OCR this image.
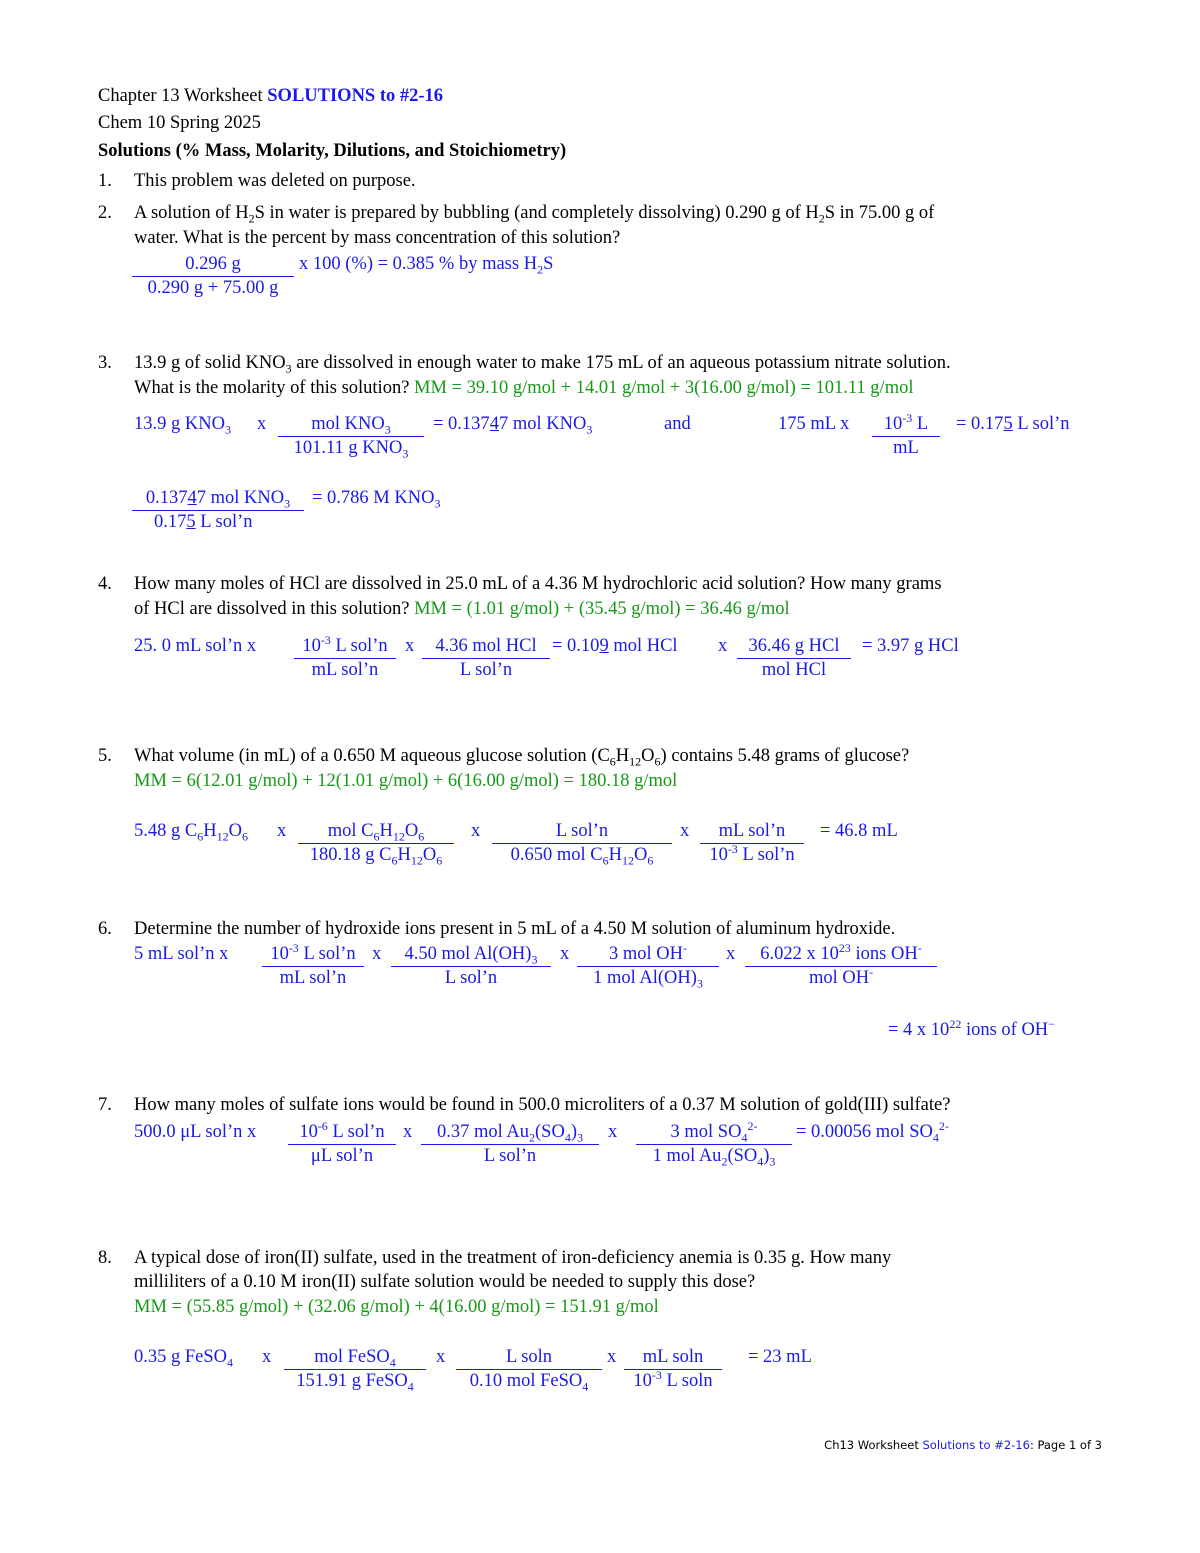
Chapter 13 Worksheet SOLUTIONS to #2-16
Chem 10 Spring 2025
Solutions (% Mass, Molarity, Dilutions, and Stoichiometry)
1. This problem was deleted on purpose.
2. A solution of $H_2S$ in water is prepared by bubbling (and completely dissolving) 0.290 g of $H_2S$ in 75.00 g of
water. What is the percent by mass concentration of this solution?
$\frac{0.296 g}{0.290 g + 75.00 g}$ x 100 (%) = 0.385 % by mass $H_2S$
3. 13.9 g of solid $KNO_3$ are dissolved in enough water to make 175 mL of an aqueous potassium nitrate solution.
What is the molarity of this solution? MM = 39.10 g/mol + 14.01 g/mol + 3(16.00 g/mol) = 101.11 g/mol
13.9 g $KNO_3$ x	mol $KNO_3$
101.11 g $KNO_3$
= 0.13747 mol $KNO_3$	and	175 mL x $\frac{10^{-3} L}{mL} = 0.175$ L sol’n
0.13747 mol $KNO_3$
0.175 L sol’n
= 0.786 M $KNO_3$
4. How many moles of HCl are dissolved in 25.0 mL of a 4.36 M hydrochloric acid solution? How many grams
of HCl are dissolved in this solution? MM = (1.01 g/mol) + (35.45 g/mol) = 36.46 g/mol
25. 0 mL sol’n x	$10^{-3}$ L sol’n
mL sol’n
x	4.36 mol HCl
L sol’n
= 0.109 mol HCl x	36.46 g HCl
mol HCl
= 3.97 g HCl
5. What volume (in mL) of a 0.650 M aqueous glucose solution $(C_6H_{12}O_6)$ contains 5.48 grams of glucose?
MM = 6(12.01 g/mol) + 12(1.01 g/mol) + 6(16.00 g/mol) = 180.18 g/mol
5.48 g $C_6H_{12}O_6$ x	mol $C_6H_{12}O_6$
180.18 g $C_6H_{12}O_6$
x	L sol’n
0.650 mol $C_6H_{12}O_6$
x	mL sol’n
$10^{-3}$ L sol’n
= 46.8 mL
6. Determine the number of hydroxide ions present in 5 mL of a 4.50 M solution of aluminum hydroxide.
5 mL sol’n x	$10^{-3}$ L sol’n
mL sol’n
x	4.50 mol $Al(OH)_3$
L sol’n
x	3 mol OH-
1 mol $Al(OH)_3$
x	6.022 x $10^{23}$ ions OH-
mol OH-
= 4 x $10^{22}$ ions of OH−
7. How many moles of sulfate ions would be found in 500.0 microliters of a 0.37 M solution of gold(III) sulfate?
500.0 μL sol’n x	$10^{-6}$ L sol’n
μL sol’n
x	0.37 mol $Au_2(SO_4)_3$
L sol’n
x	3 mol $SO_4^{2-}$
1 mol $Au_2(SO_4)_3$
= 0.00056 mol $SO_4^{2-}$
8. A typical dose of iron(II) sulfate, used in the treatment of iron-deficiency anemia is 0.35 g. How many
milliliters of a 0.10 M iron(II) sulfate solution would be needed to supply this dose?
MM = (55.85 g/mol) + (32.06 g/mol) + 4(16.00 g/mol) = 151.91 g/mol
0.35 g FeSO$_4$ x	mol FeSO$_4$
151.91 g FeSO$_4$
x	L soln
0.10 mol FeSO$_4$
x $\frac{\text{mL soln}}{10^{-3} L soln} = 23$ mL
Ch13 Worksheet Solutions to #2-16: Page 1 of 3
